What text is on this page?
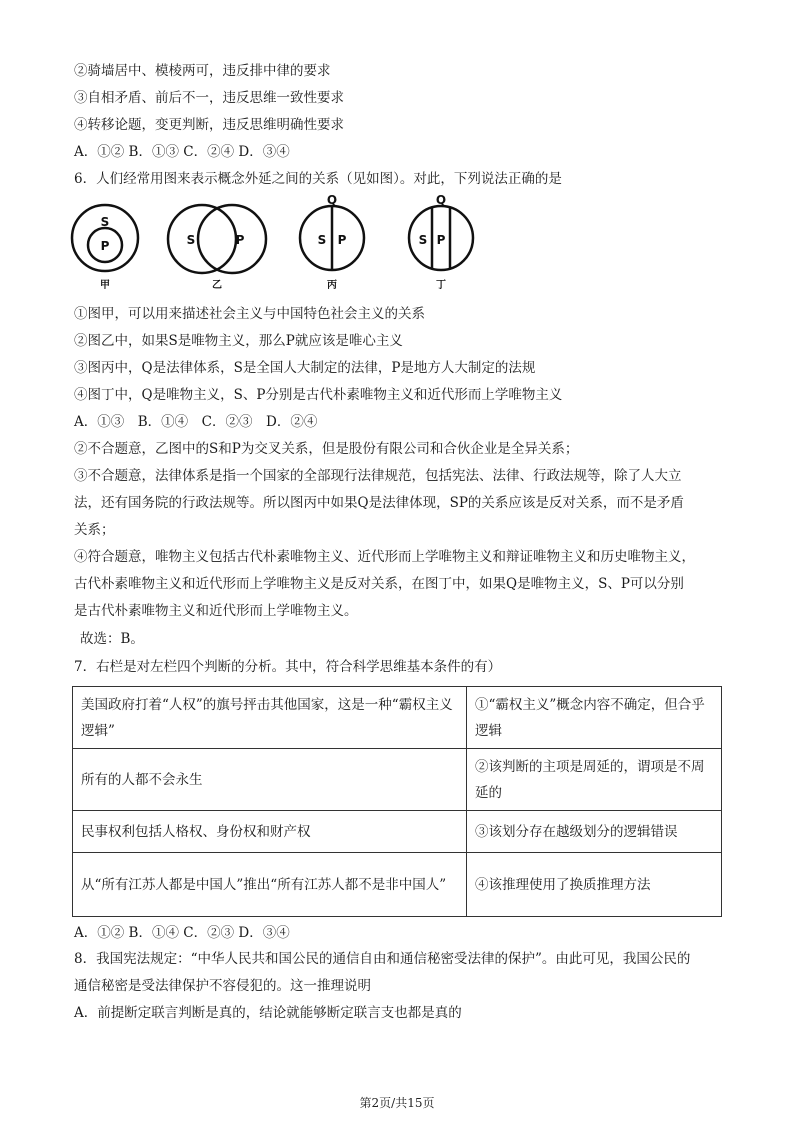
②骑墙居中、模棱两可，违反排中律的要求
③自相矛盾、前后不一，违反思维一致性要求
④转移论题，变更判断，违反思维明确性要求
A．①② B．①③ C．②④ D．③④
6．人们经常用图来表示概念外延之间的关系（见如图）。对此，下列说法正确的是
S
P
甲
S	P
乙
Q
S P
丙
Q
S P
丁
①图甲，可以用来描述社会主义与中国特色社会主义的关系
②图乙中，如果S是唯物主义，那么P就应该是唯心主义
③图丙中，Q是法律体系，S是全国人大制定的法律，P是地方人大制定的法规
④图丁中，Q是唯物主义，S、P分别是古代朴素唯物主义和近代形而上学唯物主义
A．①③　B．①④　C．②③　D．②④
②不合题意，乙图中的S和P为交叉关系，但是股份有限公司和合伙企业是全异关系；
③不合题意，法律体系是指一个国家的全部现行法律规范，包括宪法、法律、行政法规等，除了人大立
法，还有国务院的行政法规等。所以图丙中如果Q是法律体现，SP的关系应该是反对关系，而不是矛盾
关系；
④符合题意，唯物主义包括古代朴素唯物主义、近代形而上学唯物主义和辩证唯物主义和历史唯物主义，
古代朴素唯物主义和近代形而上学唯物主义是反对关系，在图丁中，如果Q是唯物主义，S、P可以分别
是古代朴素唯物主义和近代形而上学唯物主义。
故选：B。
7．右栏是对左栏四个判断的分析。其中，符合科学思维基本条件的有）
美国政府打着“人权”的旗号抨击其他国家，这是一种“霸权主义逻辑”	①“霸权主义”概念内容不确定，但合乎逻辑
所有的人都不会永生	②该判断的主项是周延的，谓项是不周延的
民事权利包括人格权、身份权和财产权	③该划分存在越级划分的逻辑错误
从“所有江苏人都是中国人”推出“所有江苏人都不是非中国人”	④该推理使用了换质推理方法
A．①② B．①④ C．②③ D．③④
8．我国宪法规定：“中华人民共和国公民的通信自由和通信秘密受法律的保护”。由此可见，我国公民的
通信秘密是受法律保护不容侵犯的。这一推理说明
A．前提断定联言判断是真的，结论就能够断定联言支也都是真的
第2页/共15页
